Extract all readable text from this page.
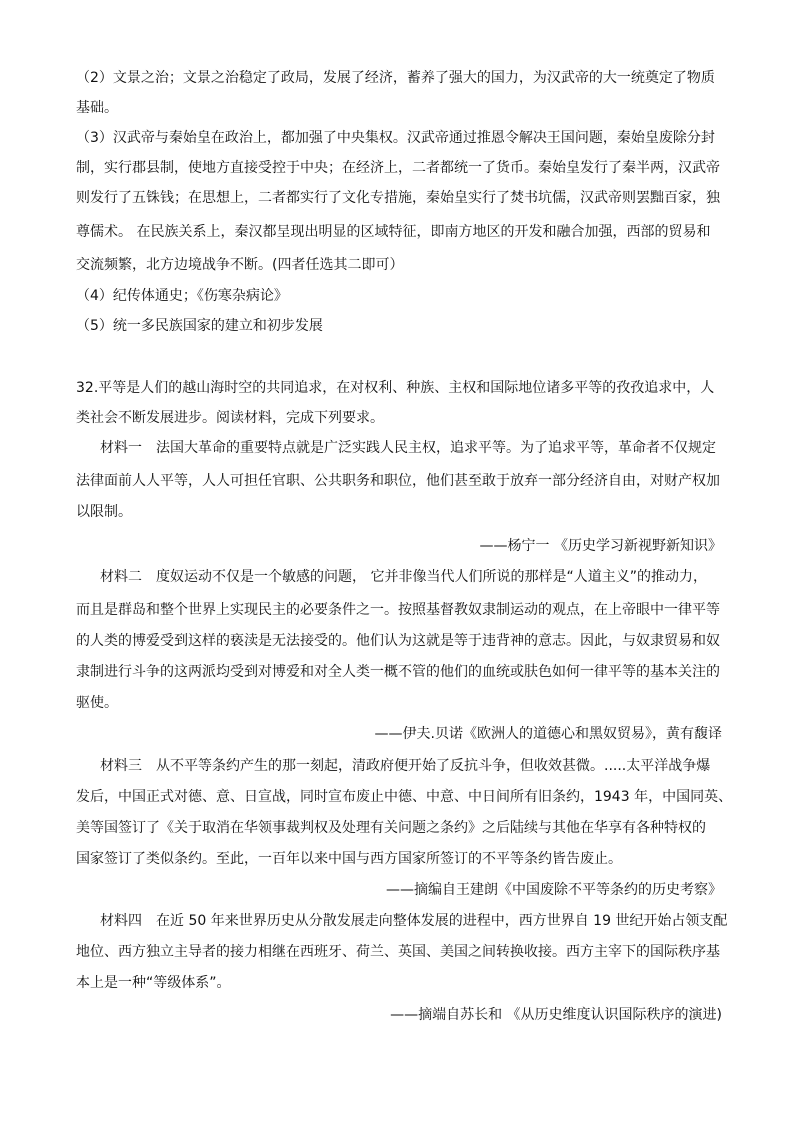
（2）文景之治；文景之治稳定了政局，发展了经济，蓄养了强大的国力，为汉武帝的大一统奠定了物质
基础。
（3）汉武帝与秦始皇在政治上，都加强了中央集权。汉武帝通过推恩令解决王国问题，秦始皇废除分封
制，实行郡县制，使地方直接受控于中央；在经济上，二者都统一了货币。秦始皇发行了秦半两，汉武帝
则发行了五铢钱；在思想上，二者都实行了文化专措施，秦始皇实行了焚书坑儒，汉武帝则罢黜百家，独
尊儒术。 在民族关系上，秦汉都呈现出明显的区域特征，即南方地区的开发和融合加强，西部的贸易和
交流频繁，北方边境战争不断。(四者任选其二即可）
（4）纪传体通史；《伤寒杂病论》
（5）统一多民族国家的建立和初步发展
32.平等是人们的越山海时空的共同追求，在对权利、种族、主权和国际地位诸多平等的孜孜追求中，人
类社会不断发展进步。阅读材料，完成下列要求。
材料一　法国大革命的重要特点就是广泛实践人民主权，追求平等。为了追求平等，革命者不仅规定
法律面前人人平等，人人可担任官职、公共职务和职位，他们甚至敢于放弃一部分经济自由，对财产权加
以限制。
——杨宁一 《历史学习新视野新知识》
材料二　度奴运动不仅是一个敏感的问题， 它并非像当代人们所说的那样是“人道主义”的推动力，
而且是群岛和整个世界上实现民主的必要条件之一。按照基督教奴隶制运动的观点，在上帝眼中一律平等
的人类的博爱受到这样的亵渎是无法接受的。他们认为这就是等于违背神的意志。因此，与奴隶贸易和奴
隶制进行斗争的这两派均受到对博爱和对全人类一概不管的他们的血统或肤色如何一律平等的基本关注的
驱使。
——伊夫.贝诺《欧洲人的道德心和黑奴贸易》，黄有馥译
材料三　从不平等条约产生的那一刻起，清政府便开始了反抗斗争，但收效甚微。.....太平洋战争爆
发后，中国正式对德、意、日宣战，同时宣布废止中德、中意、中日间所有旧条约，1943 年，中国同英、
美等国签订了《关于取消在华领事裁判权及处理有关问题之条约》之后陆续与其他在华享有各种特权的
国家签订了类似条约。至此，一百年以来中国与西方国家所签订的不平等条约皆告废止。
——摘编自王建朗《中国废除不平等条约的历史考察》
材料四　在近 50 年来世界历史从分散发展走向整体发展的进程中，西方世界自 19 世纪开始占领支配
地位、西方独立主导者的接力相继在西班牙、荷兰、英国、美国之间转换收接。西方主宰下的国际秩序基
本上是一种“等级体系”。
——摘端自苏长和 《从历史维度认识国际秩序的演进)
